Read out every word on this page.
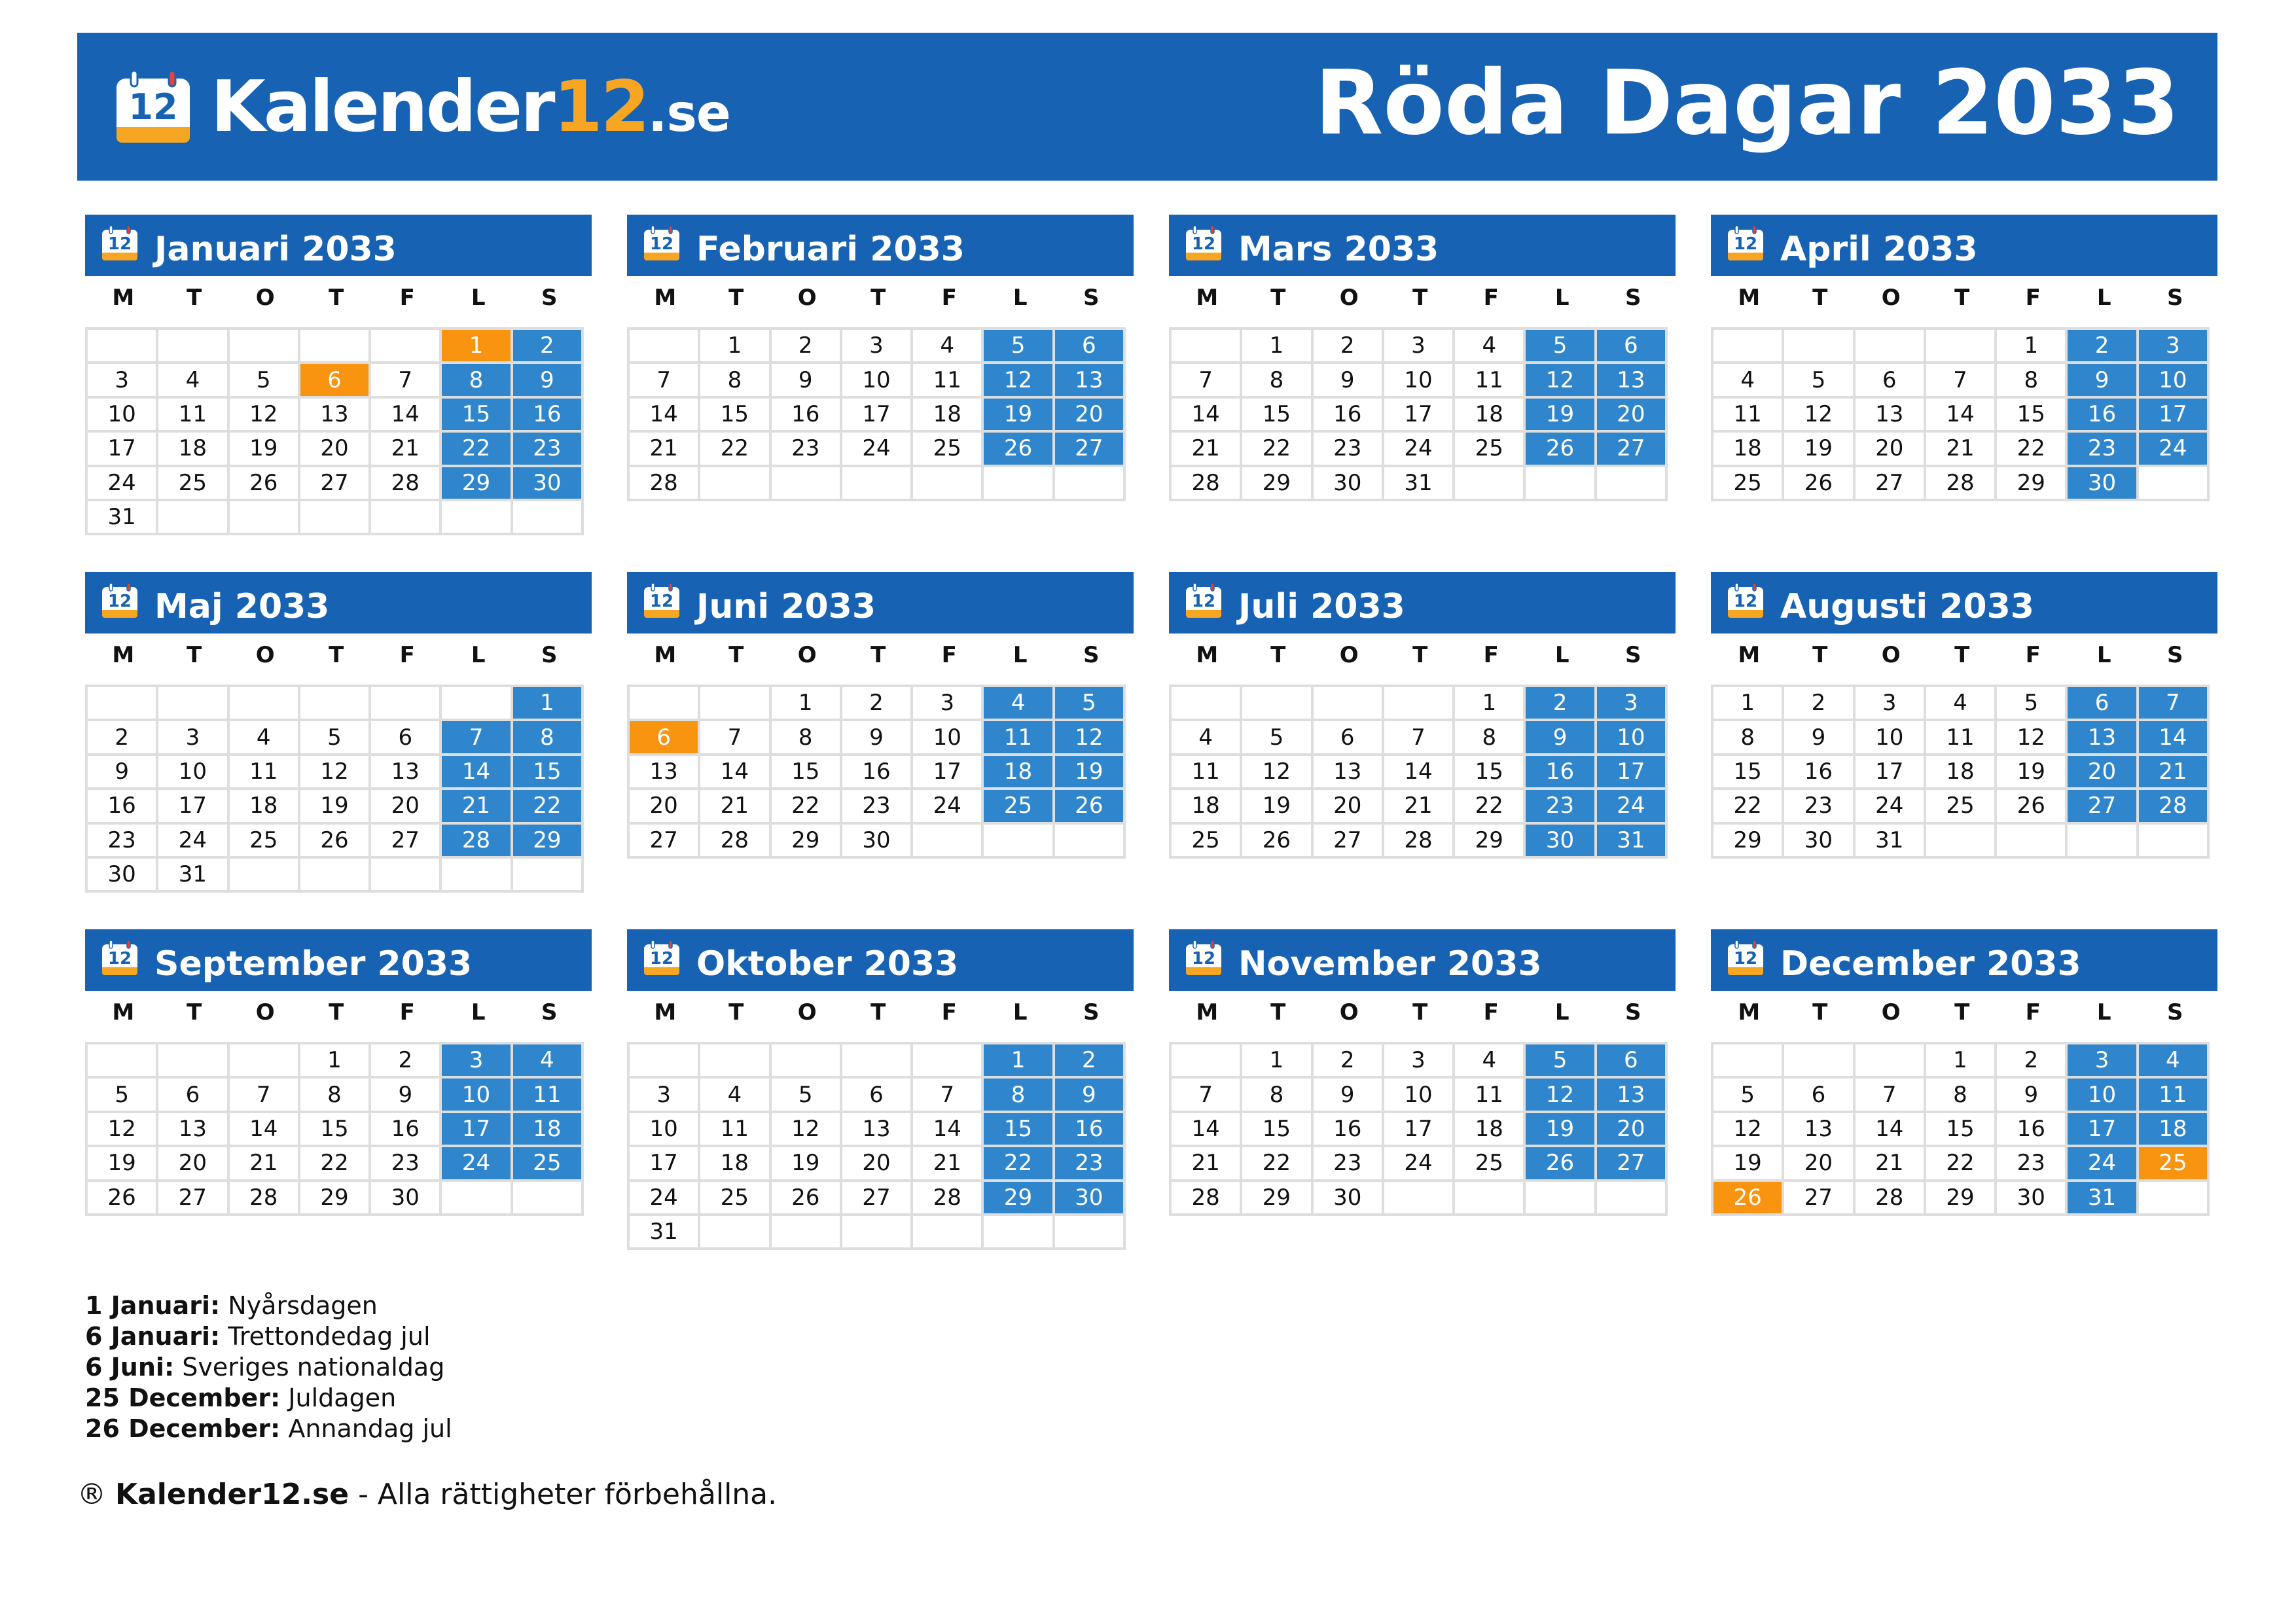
12 Kalender12.se	Röda Dagar 2033
12 Januari 2033
M	T	O	T	F	L	S
					1	2
3	4	5	6	7	8	9
10	11	12	13	14	15	16
17	18	19	20	21	22	23
24	25	26	27	28	29	30
31						
12 Februari 2033
M	T	O	T	F	L	S
	1	2	3	4	5	6
7	8	9	10	11	12	13
14	15	16	17	18	19	20
21	22	23	24	25	26	27
28						
12 Mars 2033
M	T	O	T	F	L	S
	1	2	3	4	5	6
7	8	9	10	11	12	13
14	15	16	17	18	19	20
21	22	23	24	25	26	27
28	29	30	31			
12 April 2033
M	T	O	T	F	L	S
				1	2	3
4	5	6	7	8	9	10
11	12	13	14	15	16	17
18	19	20	21	22	23	24
25	26	27	28	29	30	
12 Maj 2033
M	T	O	T	F	L	S
						1
2	3	4	5	6	7	8
9	10	11	12	13	14	15
16	17	18	19	20	21	22
23	24	25	26	27	28	29
30	31					
12 Juni 2033
M	T	O	T	F	L	S
		1	2	3	4	5
6	7	8	9	10	11	12
13	14	15	16	17	18	19
20	21	22	23	24	25	26
27	28	29	30			
12 Juli 2033
M	T	O	T	F	L	S
				1	2	3
4	5	6	7	8	9	10
11	12	13	14	15	16	17
18	19	20	21	22	23	24
25	26	27	28	29	30	31
12 Augusti 2033
M	T	O	T	F	L	S
1	2	3	4	5	6	7
8	9	10	11	12	13	14
15	16	17	18	19	20	21
22	23	24	25	26	27	28
29	30	31				
12 September 2033
M	T	O	T	F	L	S
			1	2	3	4
5	6	7	8	9	10	11
12	13	14	15	16	17	18
19	20	21	22	23	24	25
26	27	28	29	30		
12 Oktober 2033
M	T	O	T	F	L	S
					1	2
3	4	5	6	7	8	9
10	11	12	13	14	15	16
17	18	19	20	21	22	23
24	25	26	27	28	29	30
31						
12 November 2033
M	T	O	T	F	L	S
	1	2	3	4	5	6
7	8	9	10	11	12	13
14	15	16	17	18	19	20
21	22	23	24	25	26	27
28	29	30				
12 December 2033
M	T	O	T	F	L	S
			1	2	3	4
5	6	7	8	9	10	11
12	13	14	15	16	17	18
19	20	21	22	23	24	25
26	27	28	29	30	31	
1 Januari: Nyårsdagen
6 Januari: Trettondedag jul
6 Juni: Sveriges nationaldag
25 December: Juldagen
26 December: Annandag jul
® Kalender12.se - Alla rättigheter förbehållna.
